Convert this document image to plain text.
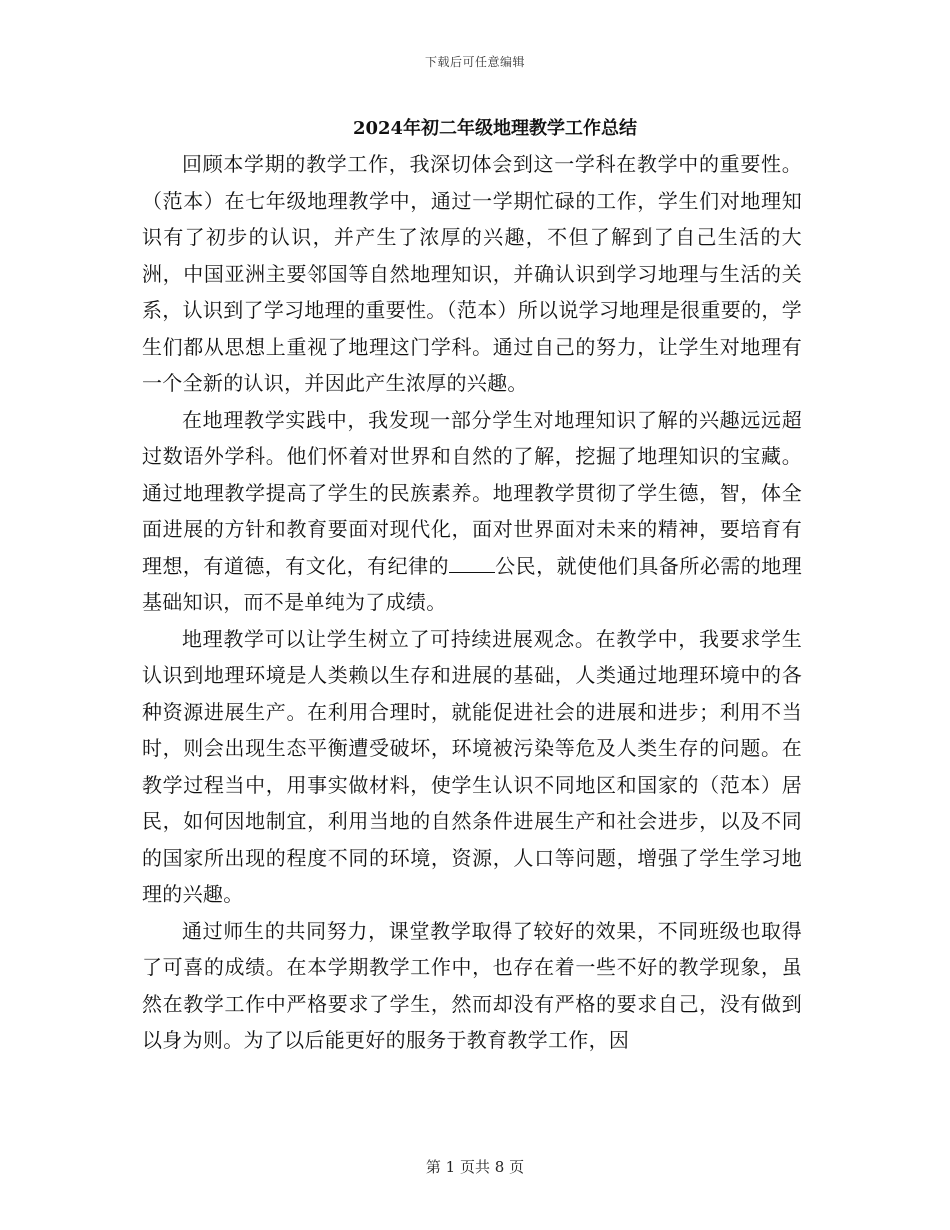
下载后可任意编辑
2024年初二年级地理教学工作总结

回顾本学期的教学工作，我深切体会到这一学科在教学中的重要性。（范本）在七年级地理教学中，通过一学期忙碌的工作，学生们对地理知识有了初步的认识，并产生了浓厚的兴趣，不但了解到了自己生活的大洲，中国亚洲主要邻国等自然地理知识，并确认识到学习地理与生活的关系，认识到了学习地理的重要性。（范本）所以说学习地理是很重要的，学生们都从思想上重视了地理这门学科。通过自己的努力，让学生对地理有一个全新的认识，并因此产生浓厚的兴趣。

在地理教学实践中，我发现一部分学生对地理知识了解的兴趣远远超过数语外学科。他们怀着对世界和自然的了解，挖掘了地理知识的宝藏。通过地理教学提高了学生的民族素养。地理教学贯彻了学生德，智，体全面进展的方针和教育要面对现代化，面对世界面对未来的精神，要培育有理想，有道德，有文化，有纪律的 公民，就使他们具备所必需的地理基础知识，而不是单纯为了成绩。

地理教学可以让学生树立了可持续进展观念。在教学中，我要求学生认识到地理环境是人类赖以生存和进展的基础，人类通过地理环境中的各种资源进展生产。在利用合理时，就能促进社会的进展和进步；利用不当时，则会出现生态平衡遭受破坏，环境被污染等危及人类生存的问题。在教学过程当中，用事实做材料，使学生认识不同地区和国家的（范本）居民，如何因地制宜，利用当地的自然条件进展生产和社会进步，以及不同的国家所出现的程度不同的环境，资源，人口等问题，增强了学生学习地理的兴趣。

通过师生的共同努力，课堂教学取得了较好的效果，不同班级也取得了可喜的成绩。在本学期教学工作中，也存在着一些不好的教学现象，虽然在教学工作中严格要求了学生，然而却没有严格的要求自己，没有做到以身为则。为了以后能更好的服务于教育教学工作，因

第 1 页共 8 页
